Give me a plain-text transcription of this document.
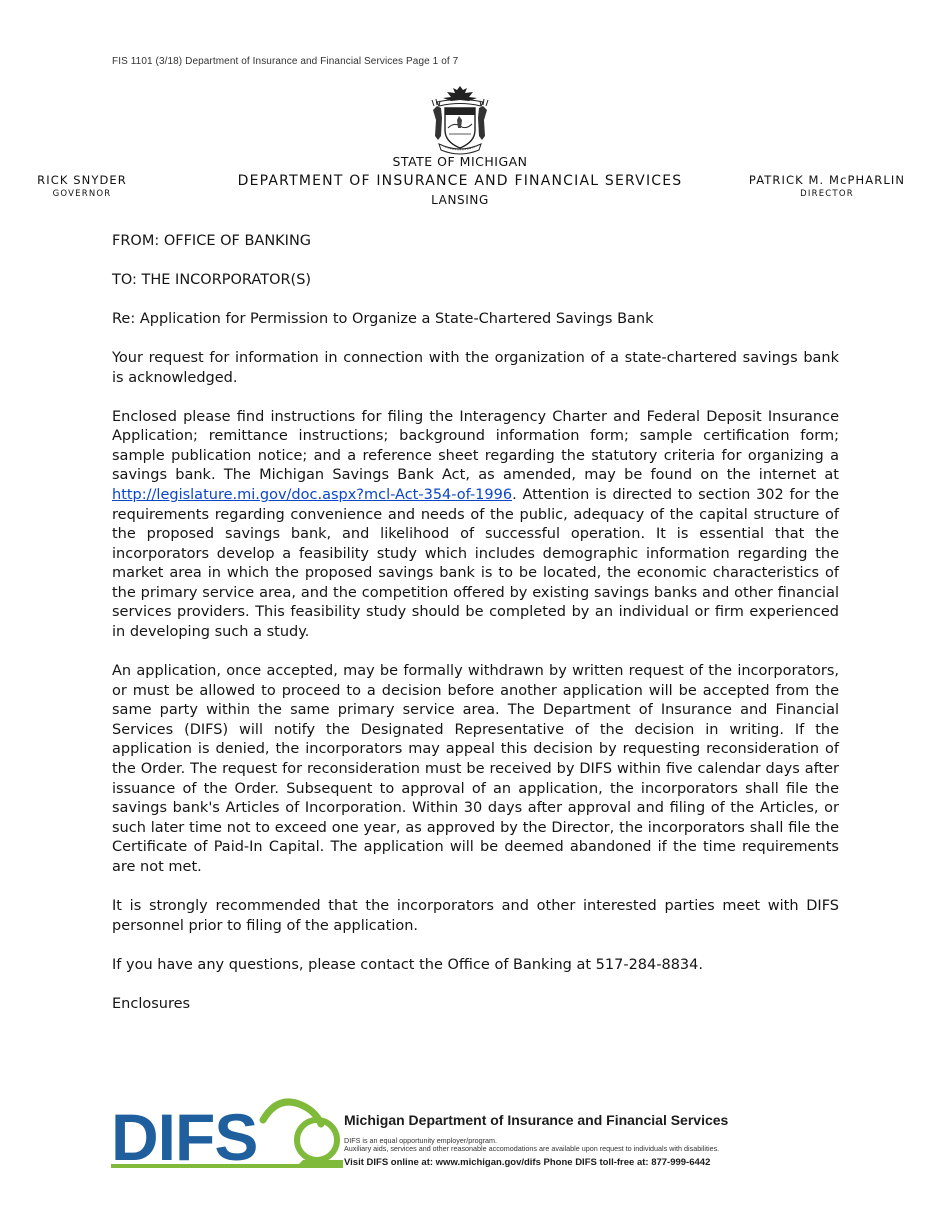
FIS 1101 (3/18) Department of Insurance and Financial Services Page 1 of 7
STATE OF MICHIGAN
DEPARTMENT OF INSURANCE AND FINANCIAL SERVICES
LANSING
RICK SNYDER
GOVERNOR
PATRICK M. McPHARLIN
DIRECTOR

FROM: OFFICE OF BANKING

TO: THE INCORPORATOR(S)

Re: Application for Permission to Organize a State-Chartered Savings Bank

Your request for information in connection with the organization of a state-chartered savings bank is acknowledged.

Enclosed please find instructions for filing the Interagency Charter and Federal Deposit Insurance Application; remittance instructions; background information form; sample certification form; sample publication notice; and a reference sheet regarding the statutory criteria for organizing a savings bank. The Michigan Savings Bank Act, as amended, may be found on the internet at http://legislature.mi.gov/doc.aspx?mcl-Act-354-of-1996. Attention is directed to section 302 for the requirements regarding convenience and needs of the public, adequacy of the capital structure of the proposed savings bank, and likelihood of successful operation. It is essential that the incorporators develop a feasibility study which includes demographic information regarding the market area in which the proposed savings bank is to be located, the economic characteristics of the primary service area, and the competition offered by existing savings banks and other financial services providers. This feasibility study should be completed by an individual or firm experienced in developing such a study.

An application, once accepted, may be formally withdrawn by written request of the incorporators, or must be allowed to proceed to a decision before another application will be accepted from the same party within the same primary service area. The Department of Insurance and Financial Services (DIFS) will notify the Designated Representative of the decision in writing. If the application is denied, the incorporators may appeal this decision by requesting reconsideration of the Order. The request for reconsideration must be received by DIFS within five calendar days after issuance of the Order. Subsequent to approval of an application, the incorporators shall file the savings bank's Articles of Incorporation. Within 30 days after approval and filing of the Articles, or such later time not to exceed one year, as approved by the Director, the incorporators shall file the Certificate of Paid-In Capital. The application will be deemed abandoned if the time requirements are not met.

It is strongly recommended that the incorporators and other interested parties meet with DIFS personnel prior to filing of the application.

If you have any questions, please contact the Office of Banking at 517-284-8834.

Enclosures

DIFS	Michigan Department of Insurance and Financial Services
DIFS is an equal opportunity employer/program.
Auxiliary aids, services and other reasonable accomodations are available upon request to individuals with disabilities.
Visit DIFS online at: www.michigan.gov/difs Phone DIFS toll-free at: 877-999-6442
